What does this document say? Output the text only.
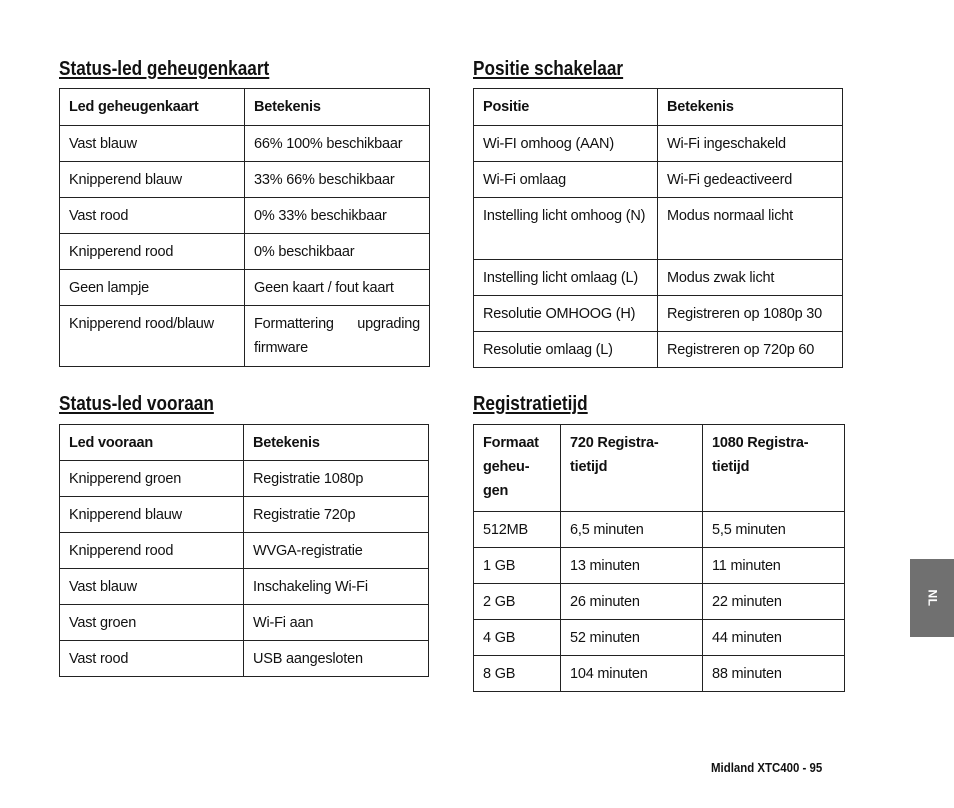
Status-led geheugenkaart
Led geheugenkaart	Betekenis
Vast blauw	66% 100% beschikbaar
Knipperend blauw	33% 66% beschikbaar
Vast rood	0% 33% beschikbaar
Knipperend rood	0% beschikbaar
Geen lampje	Geen kaart / fout kaart
Knipperend rood/blauw	Formattering upgrading firmware
Status-led vooraan
Led vooraan	Betekenis
Knipperend groen	Registratie 1080p
Knipperend blauw	Registratie 720p
Knipperend rood	WVGA-registratie
Vast blauw	Inschakeling Wi-Fi
Vast groen	Wi-Fi aan
Vast rood	USB aangesloten
Positie schakelaar
Positie	Betekenis
Wi-FI omhoog (AAN)	Wi-Fi ingeschakeld
Wi-Fi omlaag	Wi-Fi gedeactiveerd
Instelling licht omhoog (N)	Modus normaal licht
Instelling licht omlaag (L)	Modus zwak licht
Resolutie OMHOOG (H)	Registreren op 1080p 30
Resolutie omlaag (L)	Registreren op 720p 60
Registratietijd
Formaat geheu-gen	720 Registra-tietijd	1080 Registra-tietijd
512MB	6,5 minuten	5,5 minuten
1 GB	13 minuten	11 minuten
2 GB	26 minuten	22 minuten
4 GB	52 minuten	44 minuten
8 GB	104 minuten	88 minuten
NL
Midland XTC400 - 95
